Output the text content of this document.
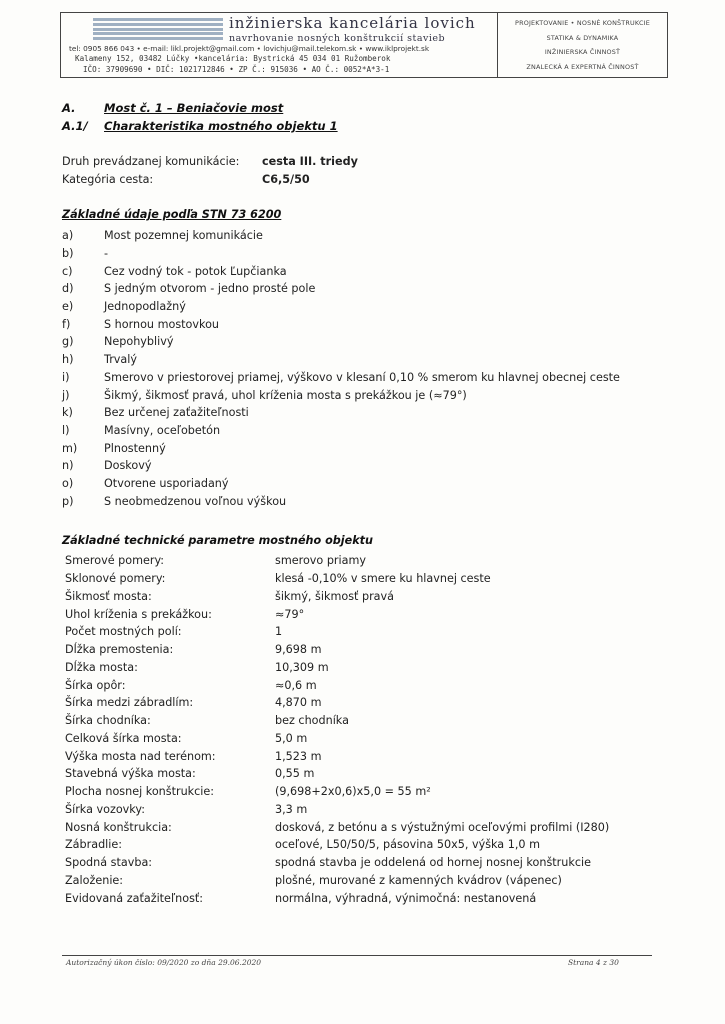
inžinierska kancelária lovich
navrhovanie nosných konštrukcií stavieb
tel: 0905 866 043 • e-mail: likl.projekt@gmail.com • lovichju@mail.telekom.sk • www.iklprojekt.sk
Kalameny 152, 03482 Lúčky •kancelária: Bystrická 45 034 01 Ružomberok
IČO: 37909690 • DIČ: 1021712846 • ZP Č.: 915036 • AO Č.: 0052*A*3-1
PROJEKTOVANIE • NOSNÉ KONŠTRUKCIE
STATIKA & DYNAMIKA
INŽINIERSKA ČINNOSŤ
ZNALECKÁ A EXPERTNÁ ČINNOSŤ
A.	Most č. 1 – Beniačovie most
A.1/	Charakteristika mostného objektu 1
Druh prevádzanej komunikácie:	cesta III. triedy
Kategória cesta:	C6,5/50
Základné údaje podľa STN 73 6200
a)	Most pozemnej komunikácie
b)	-
c)	Cez vodný tok - potok Ľupčianka
d)	S jedným otvorom - jedno prosté pole
e)	Jednopodlažný
f)	S hornou mostovkou
g)	Nepohyblivý
h)	Trvalý
i)	Smerovo v priestorovej priamej, výškovo v klesaní 0,10 % smerom ku hlavnej obecnej ceste
j)	Šikmý, šikmosť pravá, uhol kríženia mosta s prekážkou je (≈79°)
k)	Bez určenej zaťažiteľnosti
l)	Masívny, oceľobetón
m)	Plnostenný
n)	Doskový
o)	Otvorene usporiadaný
p)	S neobmedzenou voľnou výškou
Základné technické parametre mostného objektu
Smerové pomery:	smerovo priamy
Sklonové pomery:	klesá -0,10% v smere ku hlavnej ceste
Šikmosť mosta:	šikmý, šikmosť pravá
Uhol kríženia s prekážkou:	≈79°
Počet mostných polí:	1
Dĺžka premostenia:	9,698 m
Dĺžka mosta:	10,309 m
Šírka opôr:	≈0,6 m
Šírka medzi zábradlím:	4,870 m
Šírka chodníka:	bez chodníka
Celková šírka mosta:	5,0 m
Výška mosta nad terénom:	1,523 m
Stavebná výška mosta:	0,55 m
Plocha nosnej konštrukcie:	(9,698+2x0,6)x5,0 = 55 m²
Šírka vozovky:	3,3 m
Nosná konštrukcia:	dosková, z betónu a s výstužnými oceľovými profilmi (I280)
Zábradlie:	oceľové, L50/50/5, pásovina 50x5, výška 1,0 m
Spodná stavba:	spodná stavba je oddelená od hornej nosnej konštrukcie
Založenie:	plošné, murované z kamenných kvádrov (vápenec)
Evidovaná zaťažiteľnosť:	normálna, výhradná, výnimočná: nestanovená
Autorizačný úkon číslo: 09/2020 zo dňa 29.06.2020	Strana 4 z 30
